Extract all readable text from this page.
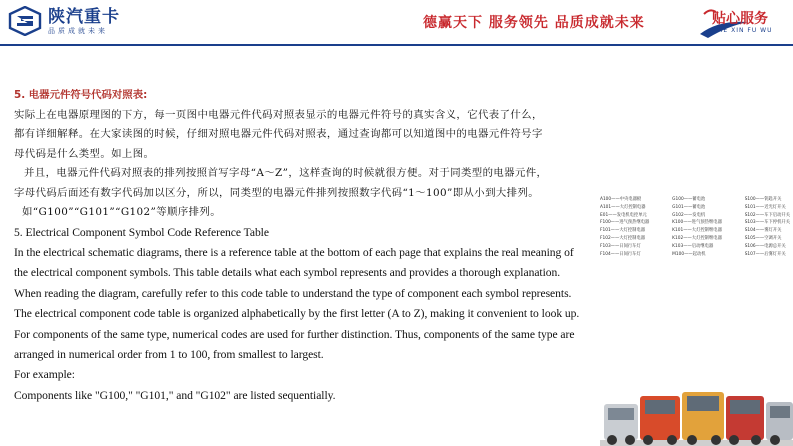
陕汽重卡
品质成就未来	德赢天下 服务领先 品质成就未来	贴心服务
TIE XIN FU WU
5. 电器元件符号代码对照表:
实际上在电器原理图的下方，每一页图中电器元件代码对照表显示的电器元件符号的真实含义，它代表了什么，
都有详细解释。在大家读图的时候，仔细对照电器元件代码对照表，通过查询都可以知道图中的电器元件符号字
母代码是什么类型。如上图。
并且，电器元件代码对照表的排列按照首写字母“A～Z”，这样查询的时候就很方便。对于同类型的电器元件，
字母代码后面还有数字代码加以区分，所以，同类型的电器元件排列按照数字代码“1～100”即从小到大排列。
如“G100”“G101”“G102”等顺序排列。
5. Electrical Component Symbol Code Reference Table
In the electrical schematic diagrams, there is a reference table at the bottom of each page that explains the real meaning of
the electrical component symbols. This table details what each symbol represents and provides a thorough explanation.
When reading the diagram, carefully refer to this code table to understand the type of component each symbol represents.
The electrical component code table is organized alphabetically by the first letter (A to Z), making it convenient to look up.
For components of the same type, numerical codes are used for further distinction. Thus, components of the same type are
arranged in numerical order from 1 to 100, from smallest to largest.
For example:
Components like "G100," "G101," and "G102" are listed sequentially.
A100——中央电器板
A101——大灯控制电器
E01——发电机电控单元
F100——进气预热继电器
F101——大灯控制电器
F102——大灯控制电器
F103——日间行车灯
F104——日间行车灯
G100——蓄电池
G101——蓄电池
G102——发电机
K100——进气预热继电器
K101——大灯控制继电器
K102——大灯控制继电器
K103——启动继电器
M100——起动机
S100——钥匙开关
S101——近光灯开关
S102——车下启动开关
S103——车下停机开关
S104——雾灯开关
S105——空调开关
S106——电源总开关
S107——后雾灯开关
